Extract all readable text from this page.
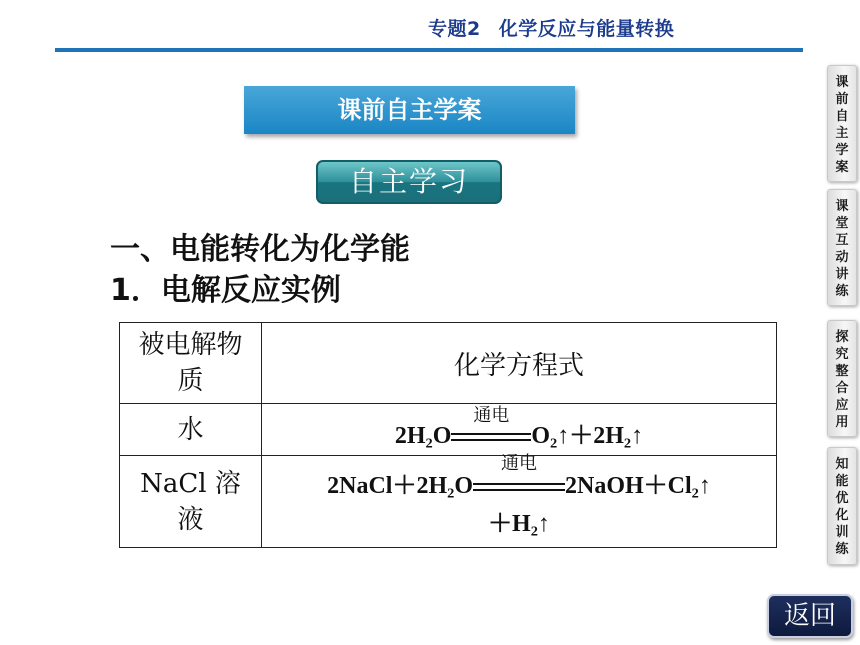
专题2 化学反应与能量转换
课前自主学案
自主学习
一、电能转化为化学能
1．电解反应实例
被电解物质	化学方程式
水	2H₂O
通电
O₂↑＋2H₂↑

NaCl 溶液	2NaCl＋2H₂O
通电
2NaOH＋Cl₂↑
＋H₂↑
课前自主学案
课堂互动讲练
探究整合应用
知能优化训练
返回
